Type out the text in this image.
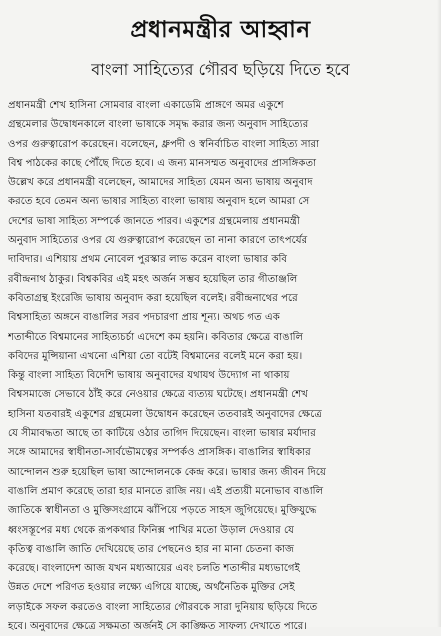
প্রধানমন্ত্রীর আহ্বান
বাংলা সাহিত্যের গৌরব ছড়িয়ে দিতে হবে
প্রধানমন্ত্রী শেখ হাসিনা সোমবার বাংলা একাডেমি প্রাঙ্গণে অমর একুশে
গ্রন্থমেলার উদ্বোধনকালে বাংলা ভাষাকে সমৃদ্ধ করার জন্য অনুবাদ সাহিত্যের
ওপর গুরুত্বারোপ করেছেন। বলেছেন, ধ্রুপদী ও স্বনির্বাচিত বাংলা সাহিত্য সারা
বিশ্ব পাঠকের কাছে পৌঁছে দিতে হবে। এ জন্য মানসম্মত অনুবাদের প্রাসঙ্গিকতা
উল্লেখ করে প্রধানমন্ত্রী বলেছেন, আমাদের সাহিত্য যেমন অন্য ভাষায় অনুবাদ
করতে হবে তেমন অন্য ভাষার সাহিত্য বাংলা ভাষায় অনুবাদ হলে আমরা সে
দেশের ভাষা সাহিত্য সম্পর্কে জানতে পারব। একুশের গ্রন্থমেলায় প্রধানমন্ত্রী
অনুবাদ সাহিত্যের ওপর যে গুরুত্বারোপ করেছেন তা নানা কারণে তাৎপর্যের
দাবিদার। এশিয়ায় প্রথম নোবেল পুরস্কার লাভ করেন বাংলা ভাষার কবি
রবীন্দ্রনাথ ঠাকুর। বিশ্বকবির এই মহৎ অর্জন সম্ভব হয়েছিল তার গীতাঞ্জলি
কবিতাগ্রন্থ ইংরেজি ভাষায় অনুবাদ করা হয়েছিল বলেই। রবীন্দ্রনাথের পরে
বিশ্বসাহিত্য অঙ্গনে বাঙালির সরব পদচারণা প্রায় শূন্য। অথচ গত এক
শতাব্দীতে বিশ্বমানের সাহিত্যচর্চা এদেশে কম হয়নি। কবিতার ক্ষেত্রে বাঙালি
কবিদের মুন্সিয়ানা এখনো এশিয়া তো বটেই বিশ্বমানের বলেই মনে করা হয়।
কিন্তু বাংলা সাহিত্য বিদেশি ভাষায় অনুবাদের যথাযথ উদ্যোগ না থাকায়
বিশ্বসমাজে সেভাবে ঠাঁই করে নেওয়ার ক্ষেত্রে ব্যত্যয় ঘটেছে। প্রধানমন্ত্রী শেখ
হাসিনা যতবারই একুশের গ্রন্থমেলা উদ্বোধন করেছেন ততবারই অনুবাদের ক্ষেত্রে
যে সীমাবদ্ধতা আছে তা কাটিয়ে ওঠার তাগিদ দিয়েছেন। বাংলা ভাষার মর্যাদার
সঙ্গে আমাদের স্বাধীনতা-সার্বভৌমত্বের সম্পর্কও প্রাসঙ্গিক। বাঙালির স্বাধিকার
আন্দোলন শুরু হয়েছিল ভাষা আন্দোলনকে কেন্দ্র করে। ভাষার জন্য জীবন দিয়ে
বাঙালি প্রমাণ করেছে তারা হার মানতে রাজি নয়। এই প্রত্যয়ী মনোভাব বাঙালি
জাতিকে স্বাধীনতা ও মুক্তিসংগ্রামে ঝাঁপিয়ে পড়তে সাহস জুগিয়েছে। মুক্তিযুদ্ধে
ধ্বংসস্তূপের মধ্য থেকে রূপকথার ফিনিক্স পাখির মতো উড়াল দেওয়ার যে
কৃতিত্ব বাঙালি জাতি দেখিয়েছে তার পেছনেও হার না মানা চেতনা কাজ
করেছে। বাংলাদেশ আজ যখন মধ্যআয়ের এবং চলতি শতাব্দীর মধ্যভাগেই
উন্নত দেশে পরিণত হওয়ার লক্ষ্যে এগিয়ে যাচ্ছে, অর্থনৈতিক মুক্তির সেই
লড়াইকে সফল করতেও বাংলা সাহিত্যের গৌরবকে সারা দুনিয়ায় ছড়িয়ে দিতে
হবে। অনুবাদের ক্ষেত্রে সক্ষমতা অর্জনই সে কাঙ্ক্ষিত সাফল্য দেখাতে পারে।
